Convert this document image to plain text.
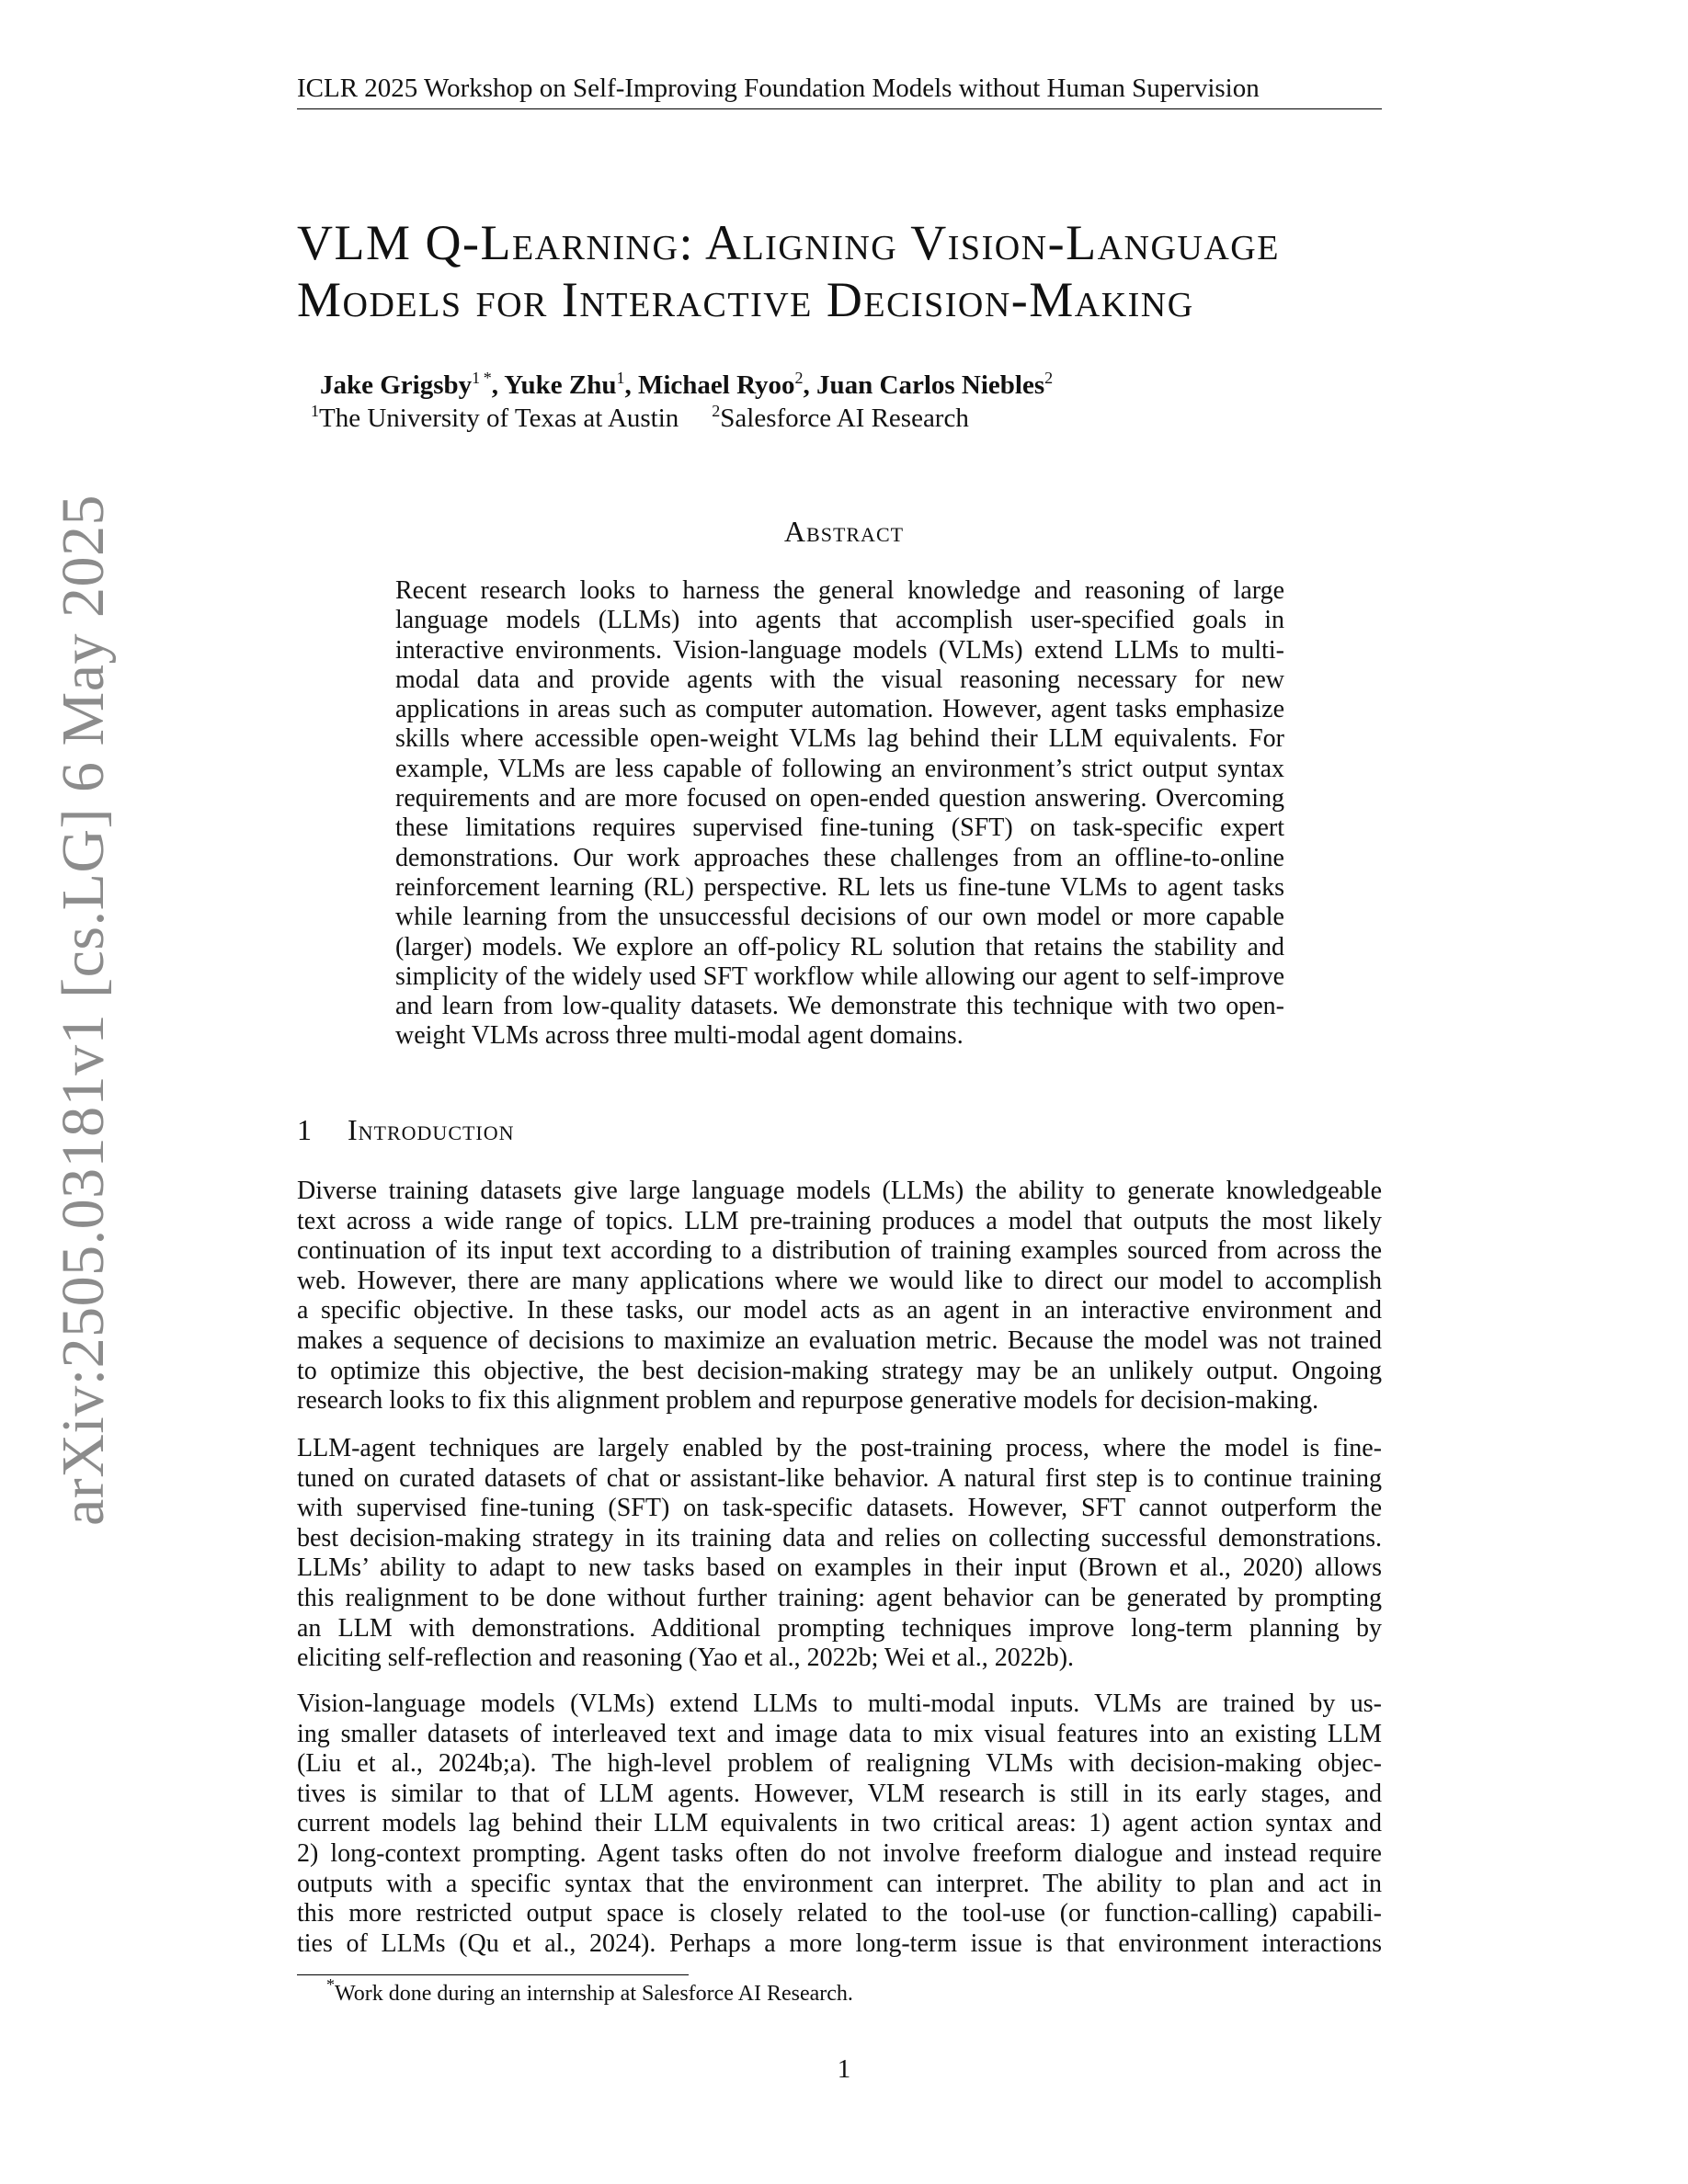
ICLR 2025 Workshop on Self-Improving Foundation Models without Human Supervision
arXiv:2505.03181v1 [cs.LG] 6 May 2025
VLM Q-Learning: Aligning Vision-Language
Models for Interactive Decision-Making
Jake Grigsby$^{1 *}$, Yuke Zhu$^1$, Michael Ryoo$^2$, Juan Carlos Niebles$^2$
$^1$The University of Texas at Austin $^2$Salesforce AI Research
Abstract
Recent research looks to harness the general knowledge and reasoning of large language models (LLMs) into agents that accomplish user-specified goals in interactive environments. Vision-language models (VLMs) extend LLMs to multi-modal data and provide agents with the visual reasoning necessary for new applications in areas such as computer automation. However, agent tasks emphasize skills where accessible open-weight VLMs lag behind their LLM equivalents. For example, VLMs are less capable of following an environment’s strict output syntax requirements and are more focused on open-ended question answering. Overcoming these limitations requires supervised fine-tuning (SFT) on task-specific expert demonstrations. Our work approaches these challenges from an offline-to-online reinforcement learning (RL) perspective. RL lets us fine-tune VLMs to agent tasks while learning from the unsuccessful decisions of our own model or more capable (larger) models. We explore an off-policy RL solution that retains the stability and simplicity of the widely used SFT workflow while allowing our agent to self-improve and learn from low-quality datasets. We demonstrate this technique with two open-weight VLMs across three multi-modal agent domains.
1 Introduction
Diverse training datasets give large language models (LLMs) the ability to generate knowledgeable
text across a wide range of topics. LLM pre-training produces a model that outputs the most likely
continuation of its input text according to a distribution of training examples sourced from across the
web. However, there are many applications where we would like to direct our model to accomplish
a specific objective. In these tasks, our model acts as an agent in an interactive environment and
makes a sequence of decisions to maximize an evaluation metric. Because the model was not trained
to optimize this objective, the best decision-making strategy may be an unlikely output. Ongoing
research looks to fix this alignment problem and repurpose generative models for decision-making.
LLM-agent techniques are largely enabled by the post-training process, where the model is fine-
tuned on curated datasets of chat or assistant-like behavior. A natural first step is to continue training
with supervised fine-tuning (SFT) on task-specific datasets. However, SFT cannot outperform the
best decision-making strategy in its training data and relies on collecting successful demonstrations.
LLMs’ ability to adapt to new tasks based on examples in their input (Brown et al., 2020) allows
this realignment to be done without further training: agent behavior can be generated by prompting
an LLM with demonstrations. Additional prompting techniques improve long-term planning by
eliciting self-reflection and reasoning (Yao et al., 2022b; Wei et al., 2022b).
Vision-language models (VLMs) extend LLMs to multi-modal inputs. VLMs are trained by us-
ing smaller datasets of interleaved text and image data to mix visual features into an existing LLM
(Liu et al., 2024b;a). The high-level problem of realigning VLMs with decision-making objec-
tives is similar to that of LLM agents. However, VLM research is still in its early stages, and
current models lag behind their LLM equivalents in two critical areas: 1) agent action syntax and
2) long-context prompting. Agent tasks often do not involve freeform dialogue and instead require
outputs with a specific syntax that the environment can interpret. The ability to plan and act in
this more restricted output space is closely related to the tool-use (or function-calling) capabili-
ties of LLMs (Qu et al., 2024). Perhaps a more long-term issue is that environment interactions
*Work done during an internship at Salesforce AI Research.
1
